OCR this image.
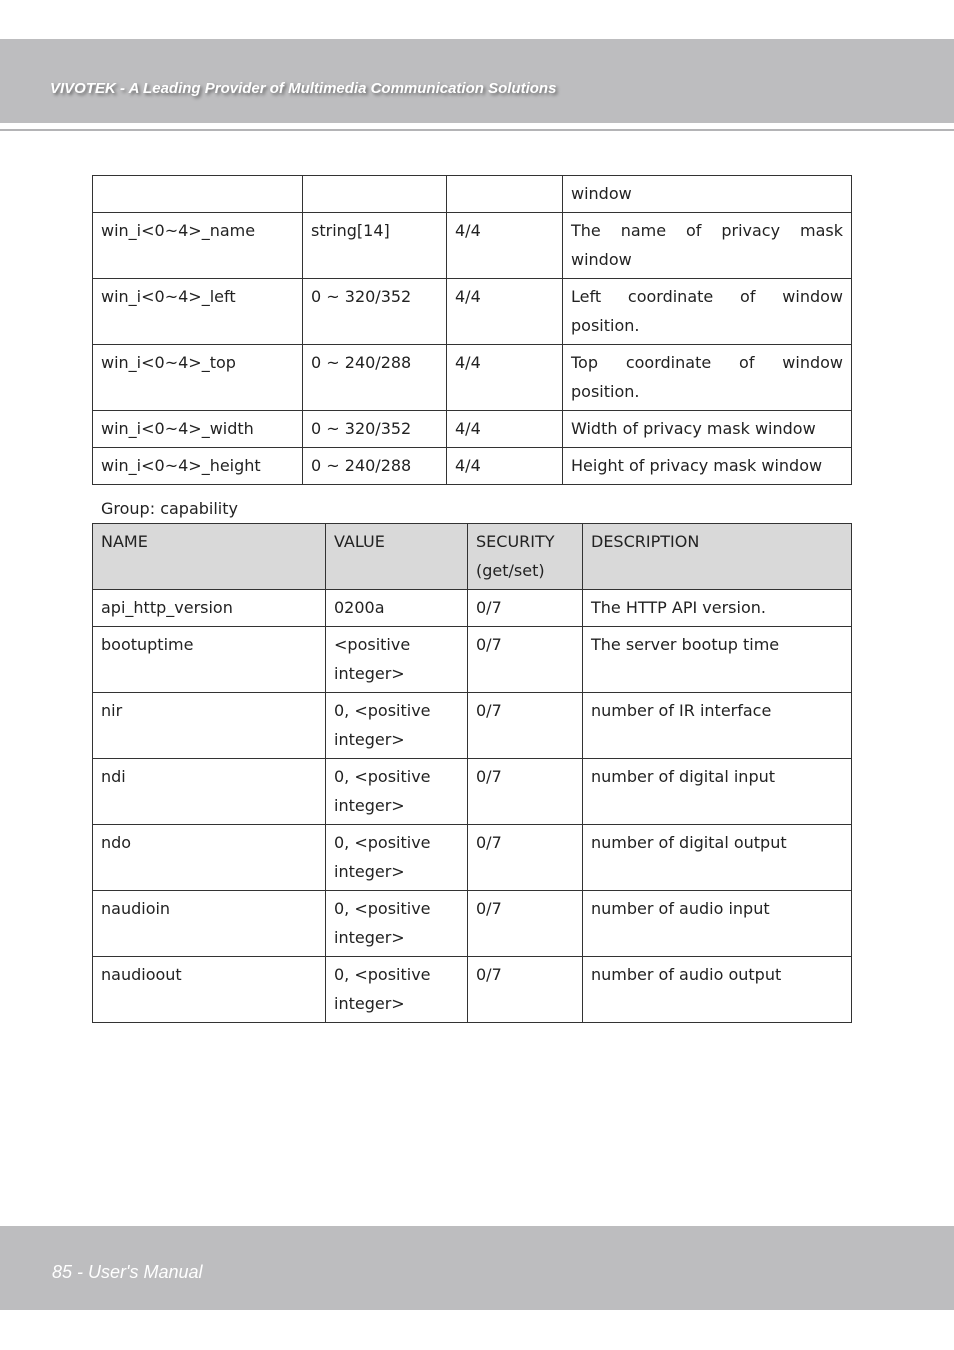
VIVOTEK - A Leading Provider of Multimedia Communication Solutions
			window
win_i<0~4>_name	string[14]	4/4	The name of privacy mask window
win_i<0~4>_left	0 ~ 320/352	4/4	Left coordinate of window position.
win_i<0~4>_top	0 ~ 240/288	4/4	Top coordinate of window position.
win_i<0~4>_width	0 ~ 320/352	4/4	Width of privacy mask window
win_i<0~4>_height	0 ~ 240/288	4/4	Height of privacy mask window
Group: capability
NAME	VALUE	SECURITY (get/set)	DESCRIPTION
api_http_version	0200a	0/7	The HTTP API version.
bootuptime	<positive integer>	0/7	The server bootup time
nir	0, <positive integer>	0/7	number of IR interface
ndi	0, <positive integer>	0/7	number of digital input
ndo	0, <positive integer>	0/7	number of digital output
naudioin	0, <positive integer>	0/7	number of audio input
naudioout	0, <positive integer>	0/7	number of audio output
85 - User's Manual
